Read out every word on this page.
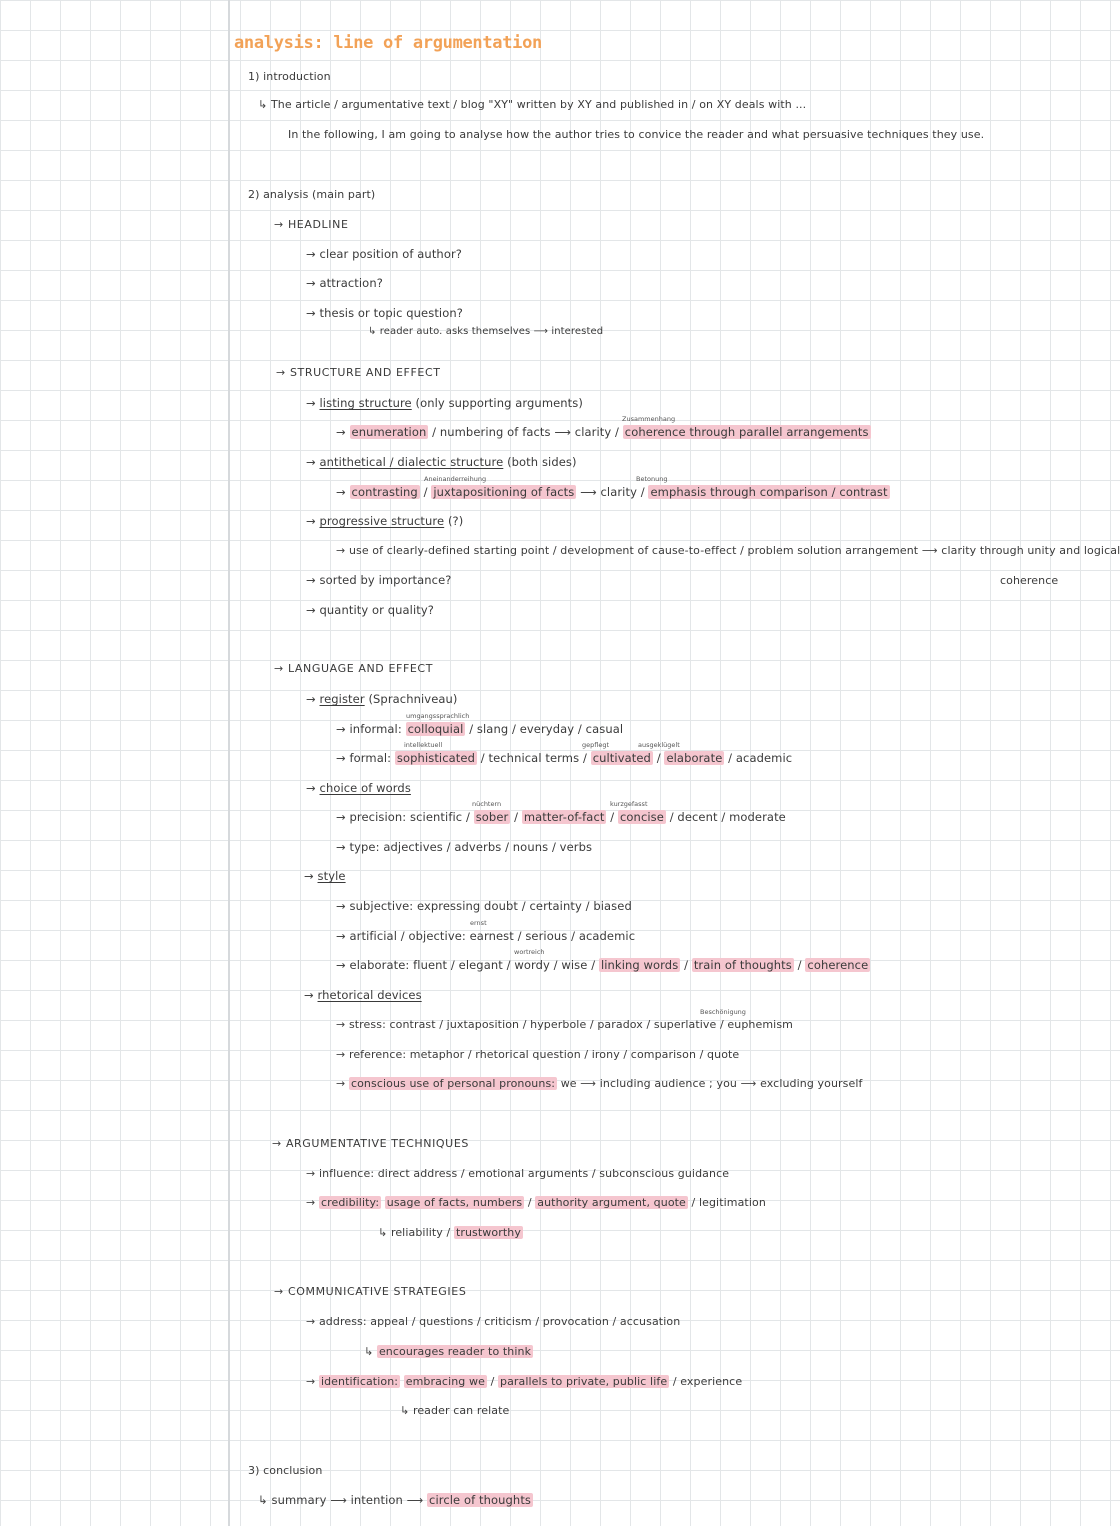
analysis: line of argumentation
1) introduction
↳ The article / argumentative text / blog "XY" written by XY and published in / on XY deals with ...
In the following, I am going to analyse how the author tries to convice the reader and what persuasive techniques they use.
2) analysis (main part)
→ HEADLINE
→ clear position of author?
→ attraction?
→ thesis or topic question?
↳ reader auto. asks themselves ⟶ interested
→ STRUCTURE AND EFFECT
→ listing structure (only supporting arguments)
Zusammenhang
→ enumeration / numbering of facts ⟶ clarity / coherence through parallel arrangements
→ antithetical / dialectic structure (both sides)
Aneinanderreihung	Betonung
→ contrasting / juxtapositioning of facts ⟶ clarity / emphasis through comparison / contrast
→ progressive structure (?)
→ use of clearly-defined starting point / development of cause-to-effect / problem solution arrangement ⟶ clarity through unity and logical
coherence
→ sorted by importance?
→ quantity or quality?
→ LANGUAGE AND EFFECT
→ register (Sprachniveau)
umgangssprachlich
→ informal: colloquial / slang / everyday / casual
intellektuell	gepflegt	ausgeklügelt
→ formal: sophisticated / technical terms / cultivated / elaborate / academic
→ choice of words
nüchtern	kurzgefasst
→ precision: scientific / sober / matter-of-fact / concise / decent / moderate
→ type: adjectives / adverbs / nouns / verbs
→ style
→ subjective: expressing doubt / certainty / biased
ernst
→ artificial / objective: earnest / serious / academic
wortreich
→ elaborate: fluent / elegant / wordy / wise / linking words / train of thoughts / coherence
→ rhetorical devices
Beschönigung
→ stress: contrast / juxtaposition / hyperbole / paradox / superlative / euphemism
→ reference: metaphor / rhetorical question / irony / comparison / quote
→ conscious use of personal pronouns: we ⟶ including audience ; you ⟶ excluding yourself
→ ARGUMENTATIVE TECHNIQUES
→ influence: direct address / emotional arguments / subconscious guidance
→ credibility: usage of facts, numbers / authority argument, quote / legitimation
↳ reliability / trustworthy
→ COMMUNICATIVE STRATEGIES
→ address: appeal / questions / criticism / provocation / accusation
↳ encourages reader to think
→ identification: embracing we / parallels to private, public life / experience
↳ reader can relate
3) conclusion
↳ summary ⟶ intention ⟶ circle of thoughts
